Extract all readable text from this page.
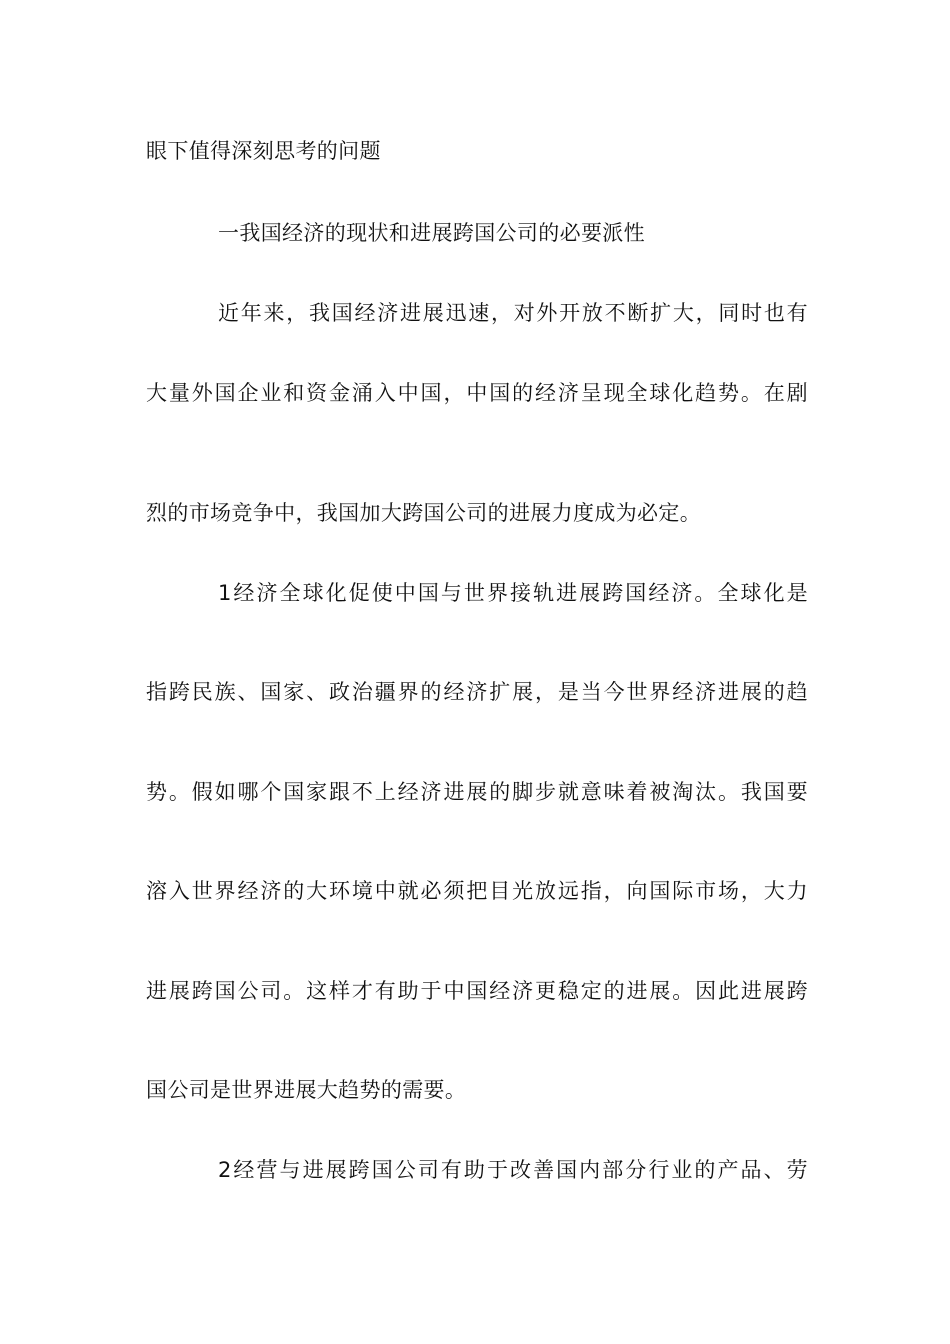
眼下值得深刻思考的问题
一我国经济的现状和进展跨国公司的必要派性
近年来，我国经济进展迅速，对外开放不断扩大，同时也有
大量外国企业和资金涌入中国，中国的经济呈现全球化趋势。在剧
烈的市场竞争中，我国加大跨国公司的进展力度成为必定。
1经济全球化促使中国与世界接轨进展跨国经济。全球化是
指跨民族、国家、政治疆界的经济扩展，是当今世界经济进展的趋
势。假如哪个国家跟不上经济进展的脚步就意味着被淘汰。我国要
溶入世界经济的大环境中就必须把目光放远指，向国际市场，大力
进展跨国公司。这样才有助于中国经济更稳定的进展。因此进展跨
国公司是世界进展大趋势的需要。
2经营与进展跨国公司有助于改善国内部分行业的产品、劳
